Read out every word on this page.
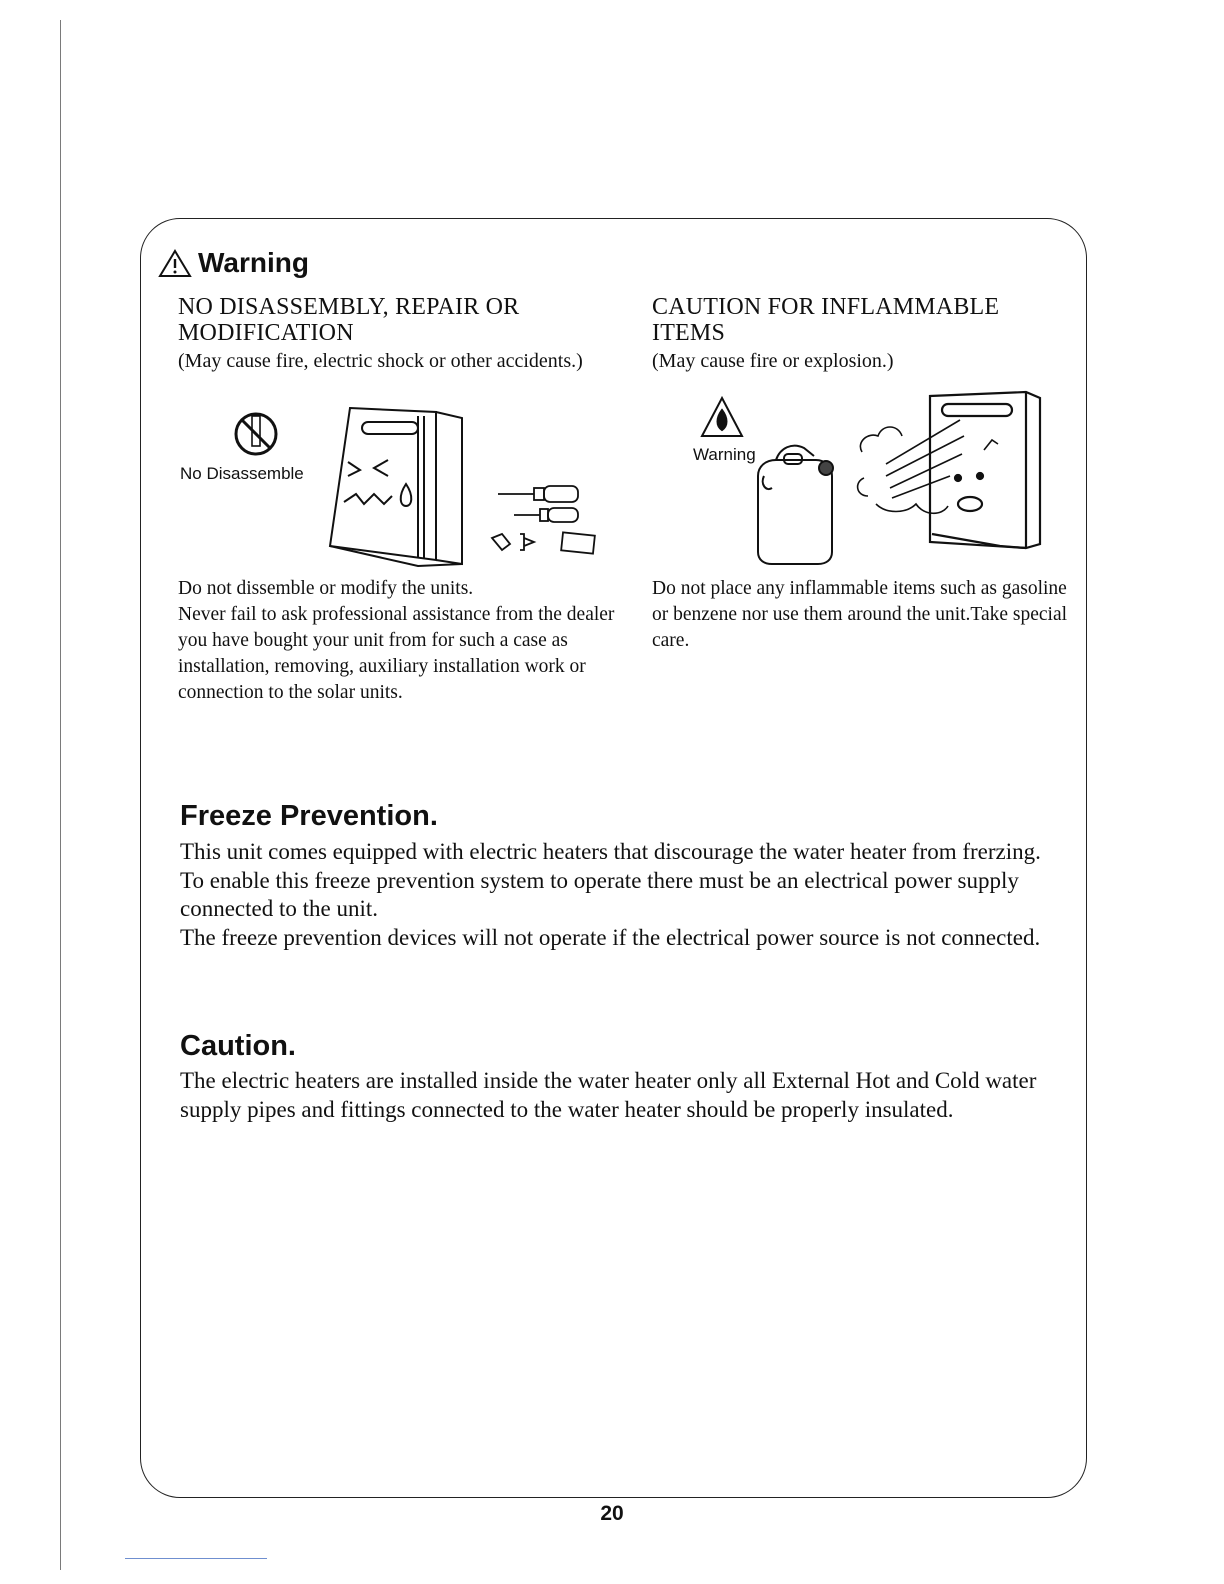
Warning

NO DISASSEMBLY, REPAIR OR MODIFICATION

(May cause fire, electric shock or other accidents.)

No Disassemble

Do not dissemble or modify the units.

Never fail to ask professional assistance from the dealer you have bought your unit from for such a case as installation, removing, auxiliary installation work or connection to the solar units.

CAUTION FOR INFLAMMABLE ITEMS

(May cause fire or explosion.)

Warning

Do not place any inflammable items such as gasoline or benzene nor use them around the unit.Take special care.

Freeze Prevention.

This unit comes equipped with electric heaters that discourage the water heater from frerzing.

To enable this freeze prevention system to operate there must be an electrical power supply connected to the unit.

The freeze prevention devices will not operate if the electrical power source is not connected.

Caution.

The electric heaters are installed inside the water heater only all External Hot and Cold water supply pipes and fittings connected to the water heater should be properly insulated.

20
